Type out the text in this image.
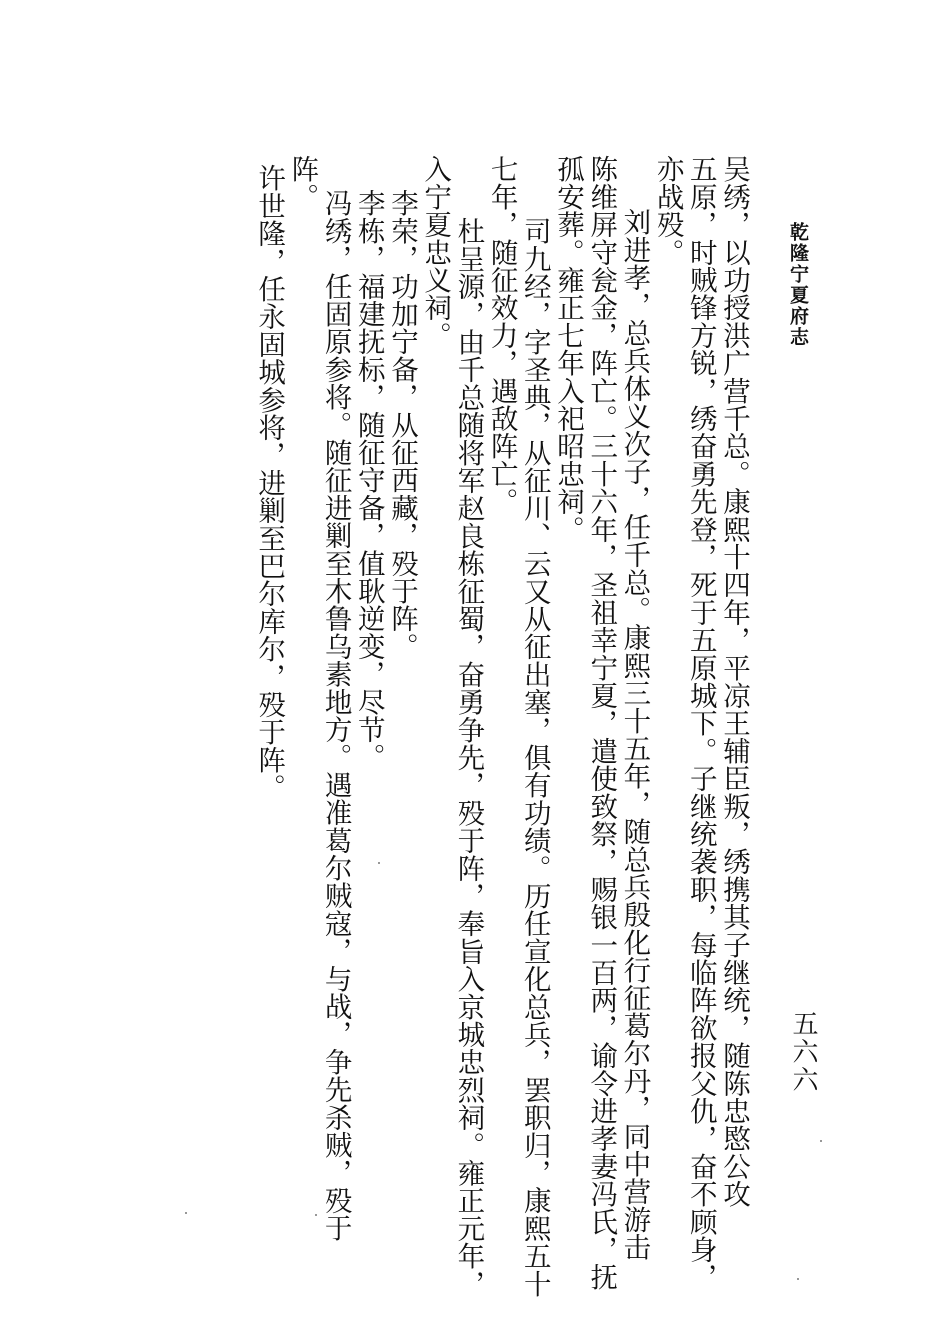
乾隆宁夏府志
五六六
吴绣，以功授洪广营千总。康熙十四年，平凉王辅臣叛，绣携其子继统，随陈忠愍公攻
五原，时贼锋方锐，绣奋勇先登，死于五原城下。子继统袭职，每临阵欲报父仇，奋不顾身，
亦战殁。
刘进孝，总兵体义次子，任千总。康熙三十五年，随总兵殷化行征葛尔丹，同中营游击
陈维屏守瓮金，阵亡。三十六年，圣祖幸宁夏，遣使致祭，赐银一百两，谕令进孝妻冯氏，抚
孤安葬。雍正七年入祀昭忠祠。
司九经，字圣典，从征川、云又从征出塞，俱有功绩。历任宣化总兵，罢职归，康熙五十
七年，随征效力，遇敌阵亡。
杜呈源，由千总随将军赵良栋征蜀，奋勇争先，殁于阵，奉旨入京城忠烈祠。雍正元年，
入宁夏忠义祠。
李荣，功加宁备，从征西藏，殁于阵。
李栋，福建抚标，随征守备，值耿逆变，尽节。
冯绣，任固原参将。随征进剿至木鲁乌素地方。遇准葛尔贼寇，与战，争先杀贼，殁于
阵。
许世隆，任永固城参将，进剿至巴尔库尔，殁于阵。
